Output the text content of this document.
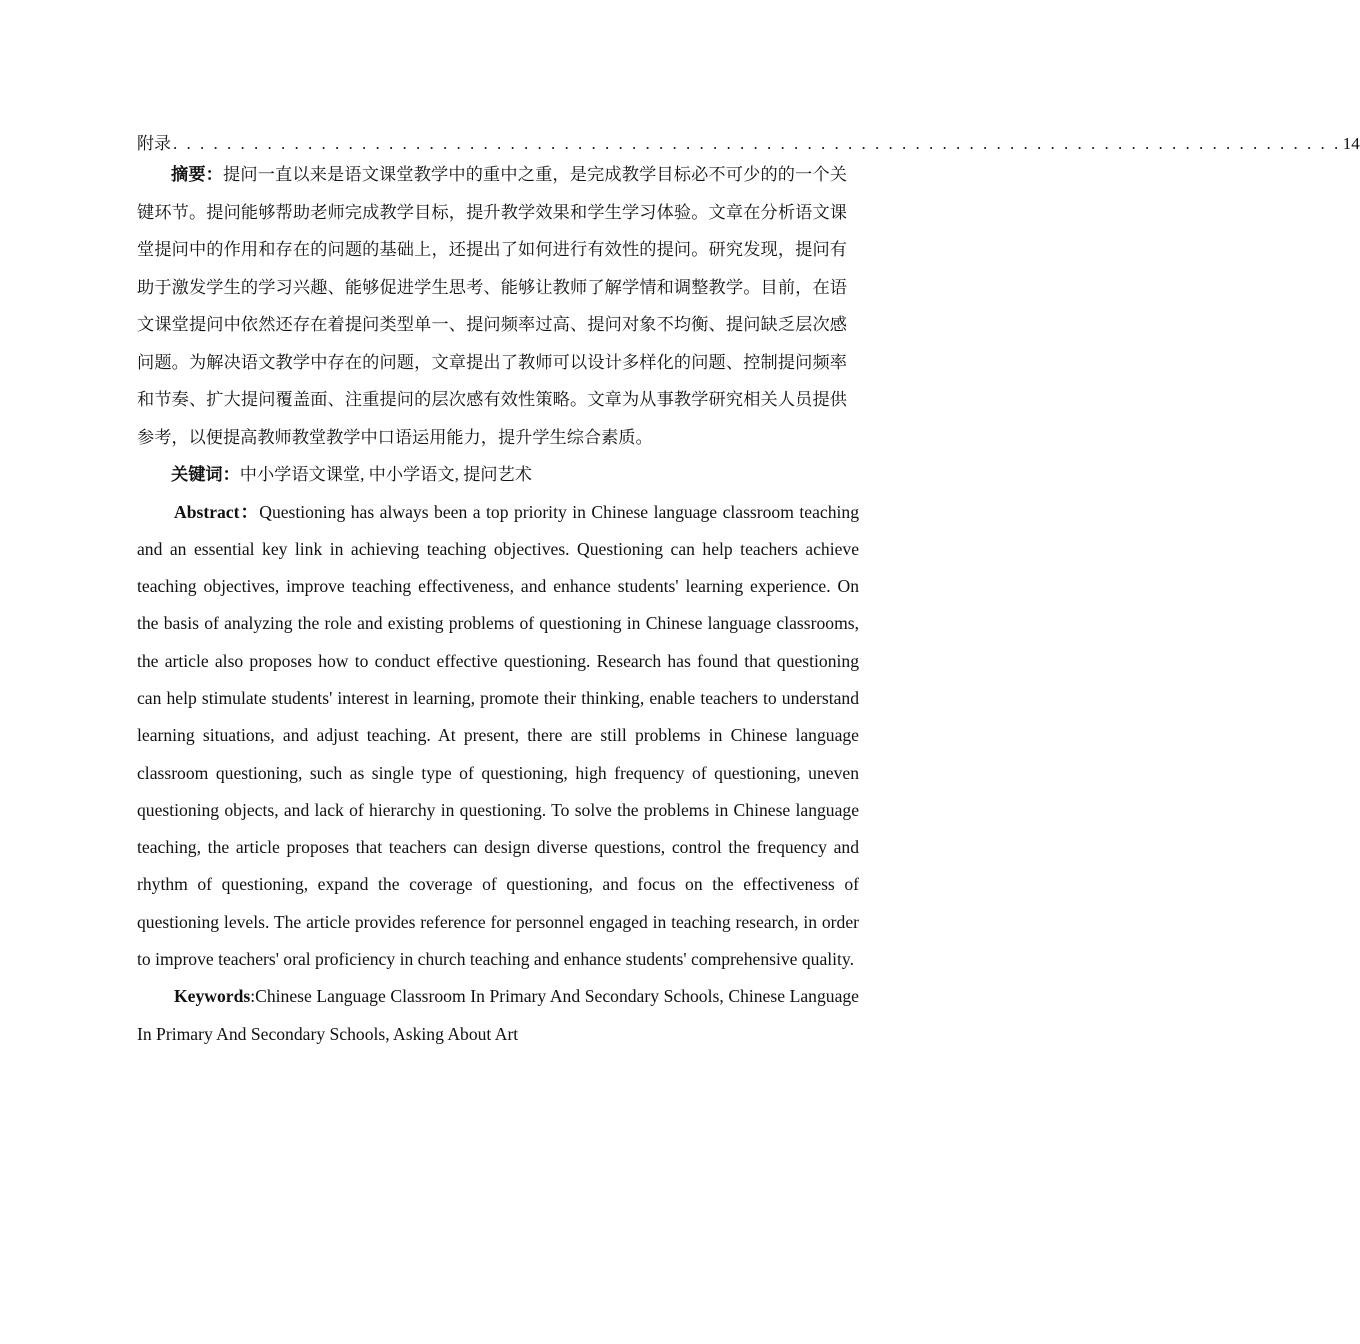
附录 . . . . . . . . . . . . . . . . . . . . . . . . . . . . . . . . . . . . . . . . . . . . . . . . . . . . . . . . . . . . . . . . . . . . . . . . . . . . . . . . . . . . . . . 14

摘要：提问一直以来是语文课堂教学中的重中之重，是完成教学目标必不可少的的一个关键环节。提问能够帮助老师完成教学目标，提升教学效果和学生学习体验。文章在分析语文课堂提问中的作用和存在的问题的基础上，还提出了如何进行有效性的提问。研究发现，提问有助于激发学生的学习兴趣、能够促进学生思考、能够让教师了解学情和调整教学。目前，在语文课堂提问中依然还存在着提问类型单一、提问频率过高、提问对象不均衡、提问缺乏层次感问题。为解决语文教学中存在的问题，文章提出了教师可以设计多样化的问题、控制提问频率和节奏、扩大提问覆盖面、注重提问的层次感有效性策略。文章为从事教学研究相关人员提供参考，以便提高教师教堂教学中口语运用能力，提升学生综合素质。

关键词：中小学语文课堂, 中小学语文, 提问艺术

Abstract：Questioning has always been a top priority in Chinese language classroom teaching and an essential key link in achieving teaching objectives. Questioning can help teachers achieve teaching objectives, improve teaching effectiveness, and enhance students' learning experience. On the basis of analyzing the role and existing problems of questioning in Chinese language classrooms, the article also proposes how to conduct effective questioning. Research has found that questioning can help stimulate students' interest in learning, promote their thinking, enable teachers to understand learning situations, and adjust teaching. At present, there are still problems in Chinese language classroom questioning, such as single type of questioning, high frequency of questioning, uneven questioning objects, and lack of hierarchy in questioning. To solve the problems in Chinese language teaching, the article proposes that teachers can design diverse questions, control the frequency and rhythm of questioning, expand the coverage of questioning, and focus on the effectiveness of questioning levels. The article provides reference for personnel engaged in teaching research, in order to improve teachers' oral proficiency in church teaching and enhance students' comprehensive quality.

Keywords:Chinese Language Classroom In Primary And Secondary Schools, Chinese Language In Primary And Secondary Schools, Asking About Art
